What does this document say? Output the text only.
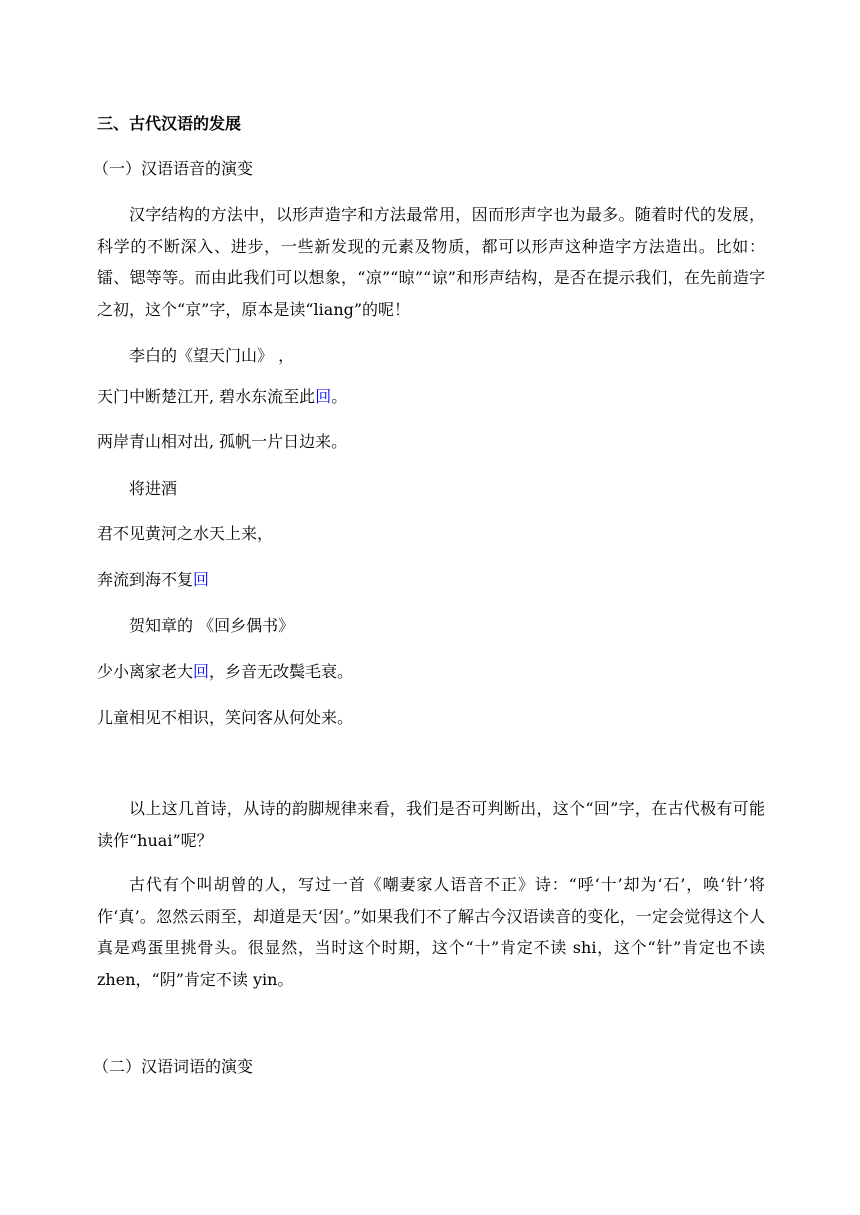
三、古代汉语的发展
（一）汉语语音的演变
汉字结构的方法中，以形声造字和方法最常用，因而形声字也为最多。随着时代的发展，科学的不断深入、进步，一些新发现的元素及物质，都可以形声这种造字方法造出。比如：镭、锶等等。而由此我们可以想象，“凉”“晾”“谅”和形声结构，是否在提示我们，在先前造字之初，这个“京”字，原本是读“liang”的呢！
李白的《望天门山》 ，
天门中断楚江开, 碧水东流至此回。
两岸青山相对出, 孤帆一片日边来。
将进酒
君不见黄河之水天上来，
奔流到海不复回
贺知章的 《回乡偶书》
少小离家老大回，乡音无改鬓毛衰。
儿童相见不相识，笑问客从何处来。
以上这几首诗，从诗的韵脚规律来看，我们是否可判断出，这个“回”字，在古代极有可能读作“huai”呢？
古代有个叫胡曾的人，写过一首《嘲妻家人语音不正》诗：“呼‘十’却为‘石’，唤‘针’将作‘真’。忽然云雨至，却道是天‘因’。”如果我们不了解古今汉语读音的变化，一定会觉得这个人真是鸡蛋里挑骨头。很显然，当时这个时期，这个“十”肯定不读 shi，这个“针”肯定也不读 zhen，“阴”肯定不读 yin。
（二）汉语词语的演变
